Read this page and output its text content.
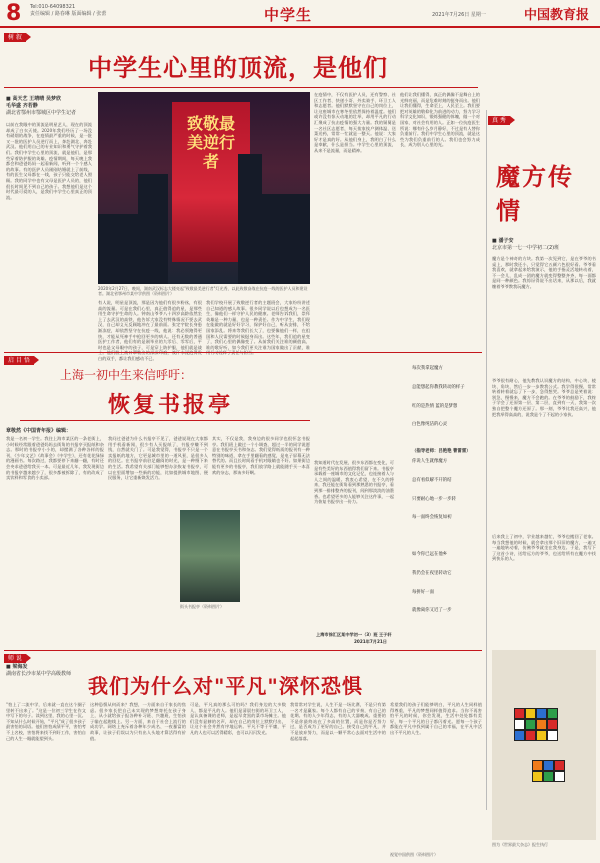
8 Tel:010-64098321
责任编辑 / 路春琳 版面编辑 / 张蕾	中学生	2021年7月26日 星期一	中国教育报
树 叙
中学生心里的顶流，是他们
■ 高天艺 王靖晴 吴梦欣
毛华盛 齐若静
湖北省鄂州市鄂城区中学生记者
以前在我眼中的顶流是明星艺人，现在的顶流却成了白衣天使。2020年我们经历了一场没有硝烟的战争，在疫情最严重的时候，是一批又一批的医护人员逆行而上，奔赴湖北、奔赴武汉。他们用自己的专业知识和勇气守护着我们。我们中学生心里的顶流，就是他们，是那些穿着防护服的英雄。疫情期间，每天晚上我都会和爸爸妈妈一起看新闻，听到一个个感人的故事。有的医护人员刚刚结婚就上了前线，有的医生父母都在一线，孩子只能交给老人照顾。我的同学中也有父母是医护人员的，他们很长时间见不到自己的孩子。我想他们是这个时代最可爱的人，是我们中学生心里真正的顶流。
致敬最美逆行者
2020年2月27日，晚间，湖南武汉标志大楼亮起"致敬最美逆行者"灯光秀，以此致敬奋战在抗疫一线的医护人员和建设者。湖北省鄂州市某中学供图（资料图片）
有人说，明星是顶流，那是因为他们有很多粉丝，有很高的流量。可是在我们心里，真正值得追的星，是那些用生命守护生命的人。钟南山爷爷八十四岁高龄依然坐上了去武汉的高铁，他告诉大家没有特殊情况不要去武汉，自己却义无反顾地冲在了最前面。张定宇院长身患渐冻症，却依然坚守在抗疫一线，他说：我必须跑得更快，才能从死神手中抢回更多的病人。还有无数的普通医护工作者，他们有的是刚毕业的九零后、零零后，平时也是父母眼中的孩子，可是穿上防护服，他们就是战 白的双手，都让我们感动不已。
我们学校开展了致敬逆行者的主题班会，大家纷纷讲述自己知道的感人故事。很多同学说以后也想成为一名医生，像他们一样守护人民的健康。老师告诉我们，崇拜英雄是一种力量，也是一种责任。作为中学生，我们现在能做的就是好好学习，保护好自己，听从安排，不给国家添乱。将来等我们长大了，也要像他们一样，在祖国和人民需要的时候挺身而出。这些年，我们追的星变了，我们心里的偶像变了。从前我们关注谁的颜值高、谁的歌好听，如今我们更关注谁为国家做出了贡献，谁
在疫情中，不仅有医护人员，还有警察、社区工作者、快递小哥、外卖骑手、环卫工人和志愿者。他们默默坚守在自己的岗位上，让这座城市在寒冬里依然保持着温度。他们或许没有惊天动地的壮举，却用平凡的行动汇聚成了抗击疫情的强大力量。我的舅舅是一名社区志愿者，每天挨家挨户测体温、送菜送药，常常一忙就是一整天。他说：大家好才是真的好。从他们身上，我明白了什么是奉献，什么是担当。中学生心里的顶流，从来不是流量，而是精神。
他们让我们懂得，真正的偶像不是舞台上的光鲜亮丽，而是危难时刻的挺身而出。他们让我们懂得，生命至上，人民至上。我们要把对英雄的敬仰化为前进的动力，努力学习科学文化知识，锻炼强健的体魄，做一个对国家、对社会有用的人。正如一位抗疫医生所说：哪有什么岁月静好，不过是有人替你负重前行。我们中学生心里的顶流，就是这些为我们负重前行的人。我们也会努力成长，成为别人心里的光。
真 秀
魔方传情
■ 潘子安
北京市第一七一中学初二(2)班
魔方是个神奇的方块。我第一次见到它，是在爷爷的书桌上，那时我还小，只觉得它五颜六色很好看。爷爷看我喜欢，就拿起来给我演示，他的手指灵活地转动着，不一会儿，乱成一团的魔方就变得整整齐齐，每一面都是同一种颜色。我惊讶得说不出话来，从那以后，我就缠着爷爷教我玩魔方。
爷爷很有耐心，他先教我认识魔方的结构，中心块、棱块、角块，然后一步一步教我公式。我学得很慢，常常转着转着就忘了下一步，急得想哭。爷爷总是笑着说：别急，慢慢来，魔方不会跑的。在爷爷的鼓励下，我终于学会了还原第一层、第二层，直到有一天，我第一次独自把整个魔方还原了。那一刻，爷爷比我还高兴，他把我举得高高的，说我是个了不起的小家伙。
后来我上了初中，学业越来越忙，爷爷也搬回了老家。每当我想他的时候，就会拿出那个旧旧的魔方，一遍又一遍地转动着，仿佛爷爷就坐在我身边。于是，我写下了这首小诗，送给远方的爷爷，也送给所有在魔方中找到快乐的人。

每次我拿起魔方

总能想起你教我转动的样子

红的是热情 蓝的是梦想

白色像纯洁的心灵

你说人生就像魔方

总有看似解不开的结

只要耐心地一步一步转

每一面终会恢复如初

如今你已远在他乡

我仍会在夜里转动它

每拼好一面

就像离你又近了一步

（指导老师：吕艳艳 曹雷雷）
启 目 悟
上海一初中生来信呼吁：
恢复书报亭
章敬然《中国青年报》编辑：
我是一名初一学生。我住上海市某区的一条老街上，小时候经常跟着爸爸妈妈去街角的书报亭买报纸和杂志。那时的书报亭小小的，却摆满了各种各样的报刊，《少年文艺》《故事会》《中学生》，还有花花绿绿的漫画书。每次路过，我都要停下来翻一翻，有时还会央求爸爸给我买一本。可是最近几年，我发现街边的书报亭越来越少了，很多都被拆除了，有的改成了卖饮料和零食的小卖部。
我问过爸爸为什么书报亭不见了，爸爸说现在大家都用手机看新闻，很少有人买报纸了，书报亭赚不到钱，自然就关门了。可是我觉得，书报亭不只是一个卖报纸的地方，它更是城市里的一道风景，是很多人的回忆。在书报亭前驻足翻阅的时光，是一种慢下来的生活。我希望有关部门能够想办法恢复书报亭，可以在里面增加一些新的功能，比如提供城市地图、便民服务，让它重新焕发活力。
其实，不仅是我，我身边的很多同学也很怀念书报亭。我们班上做过一个小调查，超过一半的同学说愿意在书报亭买书和杂志。我们觉得纸质的报刊有一种特别的味道，拿在手里翻看的感觉，是电子屏幕无法替代的。而且长时间看手机对眼睛也不好。如果街边能有更多的书报亭，我们放学路上就能随手买一本喜欢的杂志，那该多好啊。
我知道时代在发展，很多东西都在变化，可是有些美好的东西值得我们留下来。书报亭承载着一座城市的文化记忆，也连接着人与人之间的温暖。我衷心希望，在不久的将来，我还能在街角看到那熟悉的书报亭，看到那一排排整齐的报刊，闻到那淡淡的油墨香。也希望更多的人能够关注这件事，一起为恢复书报亭出一份力。
上海市徐汇区某中学初一（3）班 王子轩
2021年7月21日
街头书报亭（资料图片）
师 说
我们为什么对"平凡"深怀恐惧
■ 梁海发
湖南省长沙市某中学高级教师
"怕上了二流中学，后来就一直在这个圈子里转不出来了。"这是一位初三学生在作文中写下的句子。读到这里，我的心里一沉。不知从什么时候开始，"平凡"成了很多孩子最害怕的词语。他们害怕成绩平平，害怕考不上名校，害怕将来找不到好工作，害怕自己的人生一眼就能望到头。
这种恐惧从何而来？我想，一方面来自于家长的焦虑。很多家长把自己未实现的梦想寄托在孩子身上，从小就给孩子报各种补习班、兴趣班，生怕孩子输在起跑线上。另一方面，来自于社会上流行的成功学。网络上充斥着各种年少成名、一夜暴富的故事，让孩子们误以为只有出人头地才算活得有价值。
可是，平凡真的那么可怕吗？我们身边的大多数人，都是平凡的人。他们是清晨扫街的环卫工人，是认真备课的老师，是起早贪黑的菜市场摊主。他们没有显赫的名声，却在自己的岗位上默默付出，让这个社会井然有序地运转。平凡不等于平庸，平凡的人也可以活得精彩，也可以闪闪发光。
我常常对学生说，人生不是一场比赛，不是只有第一名才是赢家。每个人都有自己的节奏，有自己的花期。有的人少年得志，有的人大器晚成。重要的不是你最终站在了多高的位置，而是你是否努力过，是否成为了更好的自己。接受自己的平凡，并不是放弃努力，而是以一颗平常心去面对生活中的起起落落。
希望我们的孩子们能够明白，平凡的人生同样值得尊重，平凡的梦想同样值得追求。当你不再害怕平凡的时候，你会发现，生活中处处都有美好，每一个平凡的日子都闪着光。愿每一个孩子都能在平凡中找到属于自己的幸福，在平凡中活出不平凡的人生。
图为《世界最大杂志》报生执行
视觉中国供图（资料图片）
